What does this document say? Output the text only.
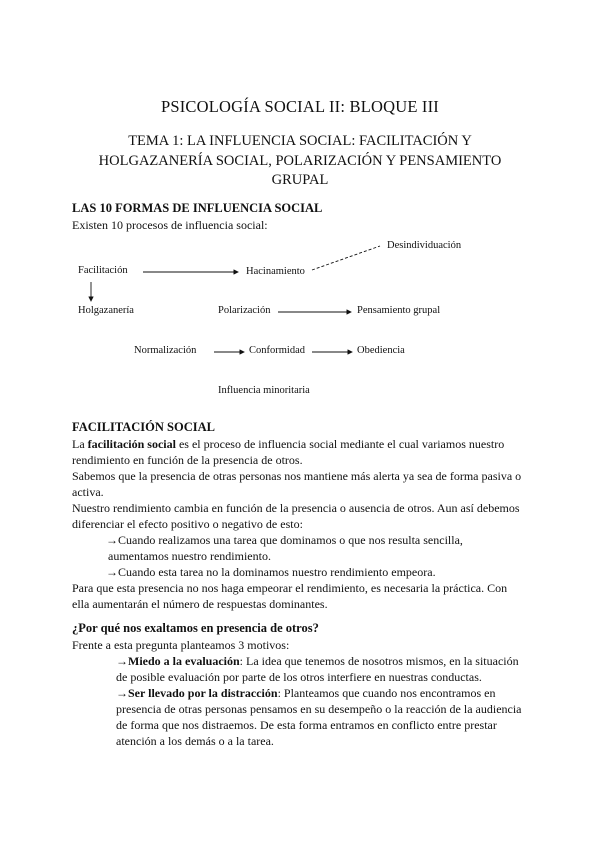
PSICOLOGÍA SOCIAL II: BLOQUE III
TEMA 1: LA INFLUENCIA SOCIAL: FACILITACIÓN Y
HOLGAZANERÍA SOCIAL, POLARIZACIÓN Y PENSAMIENTO
GRUPAL
LAS 10 FORMAS DE INFLUENCIA SOCIAL
Existen 10 procesos de influencia social:
Desindividuación
Facilitación	Hacinamiento
Holgazanería	Polarización	Pensamiento grupal
Normalización	Conformidad	Obediencia
Influencia minoritaria
FACILITACIÓN SOCIAL
La facilitación social es el proceso de influencia social mediante el cual variamos nuestro
rendimiento en función de la presencia de otros.
Sabemos que la presencia de otras personas nos mantiene más alerta ya sea de forma pasiva o
activa.
Nuestro rendimiento cambia en función de la presencia o ausencia de otros. Aun así debemos
diferenciar el efecto positivo o negativo de esto:
→Cuando realizamos una tarea que dominamos o que nos resulta sencilla,
aumentamos nuestro rendimiento.
→Cuando esta tarea no la dominamos nuestro rendimiento empeora.
Para que esta presencia no nos haga empeorar el rendimiento, es necesaria la práctica. Con
ella aumentarán el número de respuestas dominantes.
¿Por qué nos exaltamos en presencia de otros?
Frente a esta pregunta planteamos 3 motivos:
→Miedo a la evaluación: La idea que tenemos de nosotros mismos, en la situación
de posible evaluación por parte de los otros interfiere en nuestras conductas.
→Ser llevado por la distracción: Planteamos que cuando nos encontramos en
presencia de otras personas pensamos en su desempeño o la reacción de la audiencia
de forma que nos distraemos. De esta forma entramos en conflicto entre prestar
atención a los demás o a la tarea.
